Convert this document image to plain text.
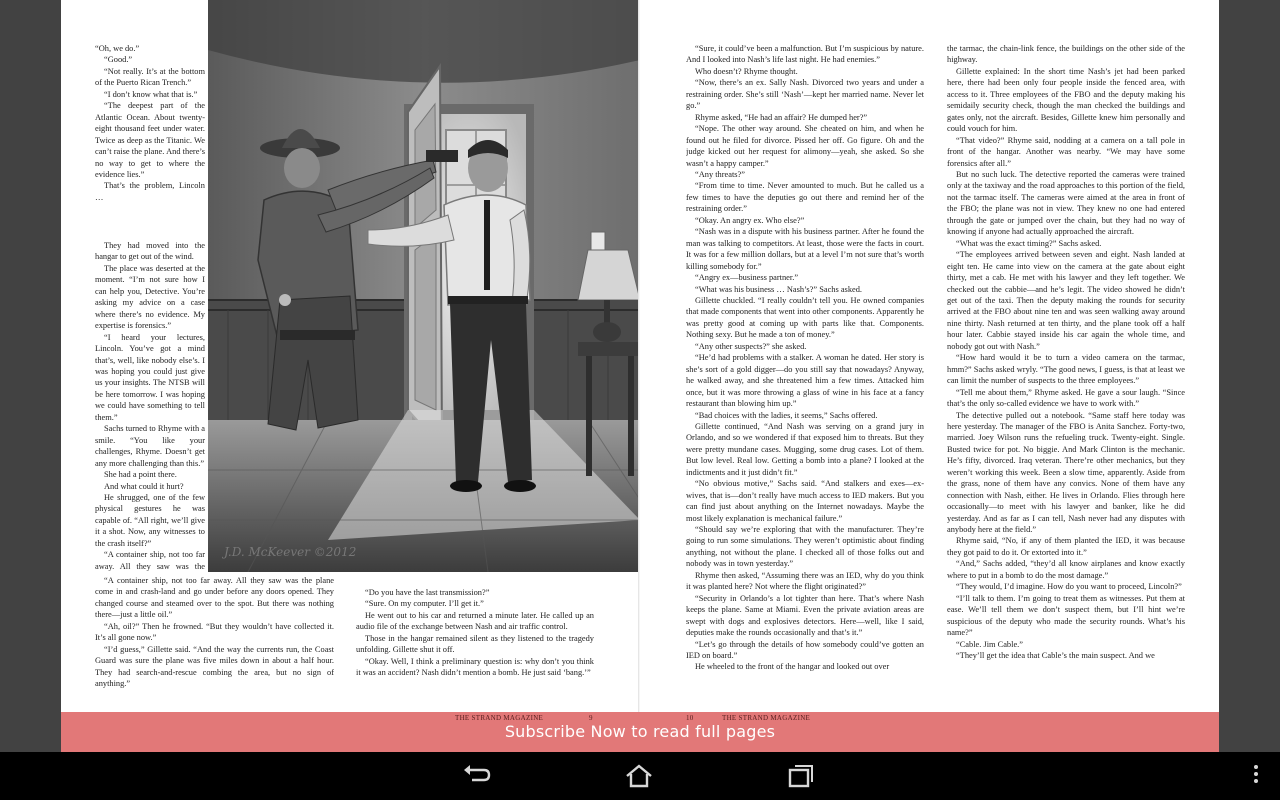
“Oh, we do.”

“Good.”

“Not really. It’s at the bottom of the Puerto Rican Trench.”

“I don’t know what that is.”

“The deepest part of the Atlantic Ocean. About twenty-eight thousand feet under water. Twice as deep as the Titanic. We can’t raise the plane. And there’s no way to get to where the evidence lies.”

That’s the problem, Lincoln …

They had moved into the hangar to get out of the wind.

The place was deserted at the moment. “I’m not sure how I can help you, Detective. You’re asking my advice on a case where there’s no evidence. My expertise is forensics.”

“I heard your lectures, Lincoln. You’ve got a mind that’s, well, like nobody else’s. I was hoping you could just give us your insights. The NTSB will be here tomorrow. I was hoping we could have something to tell them.”

Sachs turned to Rhyme with a smile. “You like your challenges, Rhyme. Doesn’t get any more challenging than this.”

She had a point there.

And what could it hurt?

He shrugged, one of the few physical gestures he was capable of. “All right, we’ll give it a shot. Now, any witnesses to the crash itself?”

“A container ship, not too far away. All they saw was the

“A container ship, not too far away. All they saw was the plane come in and crash-land and go under before any doors opened. They changed course and steamed over to the spot. But there was nothing there—just a little oil.”

“Ah, oil?” Then he frowned. “But they wouldn’t have collected it. It’s all gone now.”

“I’d guess,” Gillette said. “And the way the currents run, the Coast Guard was sure the plane was five miles down in about a half hour. They had search-and-rescue combing the area, but no sign of anything.”

“Do you have the last transmission?”

“Sure. On my computer. I’ll get it.”

He went out to his car and returned a minute later. He called up an audio file of the exchange between Nash and air traffic control.

Those in the hangar remained silent as they listened to the tragedy unfolding. Gillette shut it off.

“Okay. Well, I think a preliminary question is: why don’t you think it was an accident? Nash didn’t mention a bomb. He just said ‘bang.’”

J.D. McKeever ©2012

“Sure, it could’ve been a malfunction. But I’m suspicious by nature. And I looked into Nash’s life last night. He had enemies.”

Who doesn’t? Rhyme thought.

“Now, there’s an ex. Sally Nash. Divorced two years and under a restraining order. She’s still ‘Nash’—kept her married name. Never let go.”

Rhyme asked, “He had an affair? He dumped her?”

“Nope. The other way around. She cheated on him, and when he found out he filed for divorce. Pissed her off. Go figure. Oh and the judge kicked out her request for alimony—yeah, she asked. So she wasn’t a happy camper.”

“Any threats?”

“From time to time. Never amounted to much. But he called us a few times to have the deputies go out there and remind her of the restraining order.”

“Okay. An angry ex. Who else?”

“Nash was in a dispute with his business partner. After he found the man was talking to competitors. At least, those were the facts in court. It was for a few million dollars, but at a level I’m not sure that’s worth killing somebody for.”

“Angry ex—business partner.”

“What was his business … Nash’s?” Sachs asked.

Gillette chuckled. “I really couldn’t tell you. He owned companies that made components that went into other components. Apparently he was pretty good at coming up with parts like that. Components. Nothing sexy. But he made a ton of money.”

“Any other suspects?” she asked.

“He’d had problems with a stalker. A woman he dated. Her story is she’s sort of a gold digger—do you still say that nowadays? Anyway, he walked away, and she threatened him a few times. Attacked him once, but it was more throwing a glass of wine in his face at a fancy restaurant than blowing him up.”

“Bad choices with the ladies, it seems,” Sachs offered.

Gillette continued, “And Nash was serving on a grand jury in Orlando, and so we wondered if that exposed him to threats. But they were pretty mundane cases. Mugging, some drug cases. Lot of them. But low level. Real low. Getting a bomb into a plane? I looked at the indictments and it just didn’t fit.”

“No obvious motive,” Sachs said. “And stalkers and exes—ex-wives, that is—don’t really have much access to IED makers. But you can find just about anything on the Internet nowadays. Maybe the most likely explanation is mechanical failure.”

“Should say we’re exploring that with the manufacturer. They’re going to run some simulations. They weren’t optimistic about finding anything, not without the plane. I checked all of those folks out and nobody was in town yesterday.”

Rhyme then asked, “Assuming there was an IED, why do you think it was planted here? Not where the flight originated?”

“Security in Orlando’s a lot tighter than here. That’s where Nash keeps the plane. Same at Miami. Even the private aviation areas are swept with dogs and explosives detectors. Here—well, like I said, deputies make the rounds occasionally and that’s it.”

“Let’s go through the details of how somebody could’ve gotten an IED on board.”

He wheeled to the front of the hangar and looked out over

the tarmac, the chain-link fence, the buildings on the other side of the highway.

Gillette explained: In the short time Nash’s jet had been parked here, there had been only four people inside the fenced area, with access to it. Three employees of the FBO and the deputy making his semidaily security check, though the man checked the buildings and gates only, not the aircraft. Besides, Gillette knew him personally and could vouch for him.

“That video?” Rhyme said, nodding at a camera on a tall pole in front of the hangar. Another was nearby. “We may have some forensics after all.”

But no such luck. The detective reported the cameras were trained only at the taxiway and the road approaches to this portion of the field, not the tarmac itself. The cameras were aimed at the area in front of the FBO; the plane was not in view. They knew no one had entered through the gate or jumped over the chain, but they had no way of knowing if anyone had actually approached the aircraft.

“What was the exact timing?” Sachs asked.

“The employees arrived between seven and eight. Nash landed at eight ten. He came into view on the camera at the gate about eight thirty, met a cab. He met with his lawyer and they left together. We checked out the cabbie—and he’s legit. The video showed he didn’t get out of the taxi. Then the deputy making the rounds for security arrived at the FBO about nine ten and was seen walking away around nine thirty. Nash returned at ten thirty, and the plane took off a half hour later. Cabbie stayed inside his car again the whole time, and nobody got out with Nash.”

“How hard would it be to turn a video camera on the tarmac, hmm?” Sachs asked wryly. “The good news, I guess, is that at least we can limit the number of suspects to the three employees.”

“Tell me about them,” Rhyme asked. He gave a sour laugh. “Since that’s the only so-called evidence we have to work with.”

The detective pulled out a notebook. “Same staff here today was here yesterday. The manager of the FBO is Anita Sanchez. Forty-two, married. Joey Wilson runs the refueling truck. Twenty-eight. Single. Busted twice for pot. No biggie. And Mark Clinton is the mechanic. He’s fifty, divorced. Iraq veteran. There’re other mechanics, but they weren’t working this week. Been a slow time, apparently. Aside from the grass, none of them have any convics. None of them have any connection with Nash, either. He lives in Orlando. Flies through here occasionally—to meet with his lawyer and banker, like he did yesterday. And as far as I can tell, Nash never had any disputes with anybody here at the field.”

Rhyme said, “No, if any of them planted the IED, it was because they got paid to do it. Or extorted into it.”

“And,” Sachs added, “they’d all know airplanes and know exactly where to put in a bomb to do the most damage.”

“They would, I’d imagine. How do you want to proceed, Lincoln?”

“I’ll talk to them. I’m going to treat them as witnesses. Put them at ease. We’ll tell them we don’t suspect them, but I’ll hint we’re suspicious of the deputy who made the security rounds. What’s his name?”

“Cable. Jim Cable.”

“They’ll get the idea that Cable’s the main suspect. And we

Subscribe Now to read full pages
THE STRAND MAGAZINE	9	10	THE STRAND MAGAZINE
